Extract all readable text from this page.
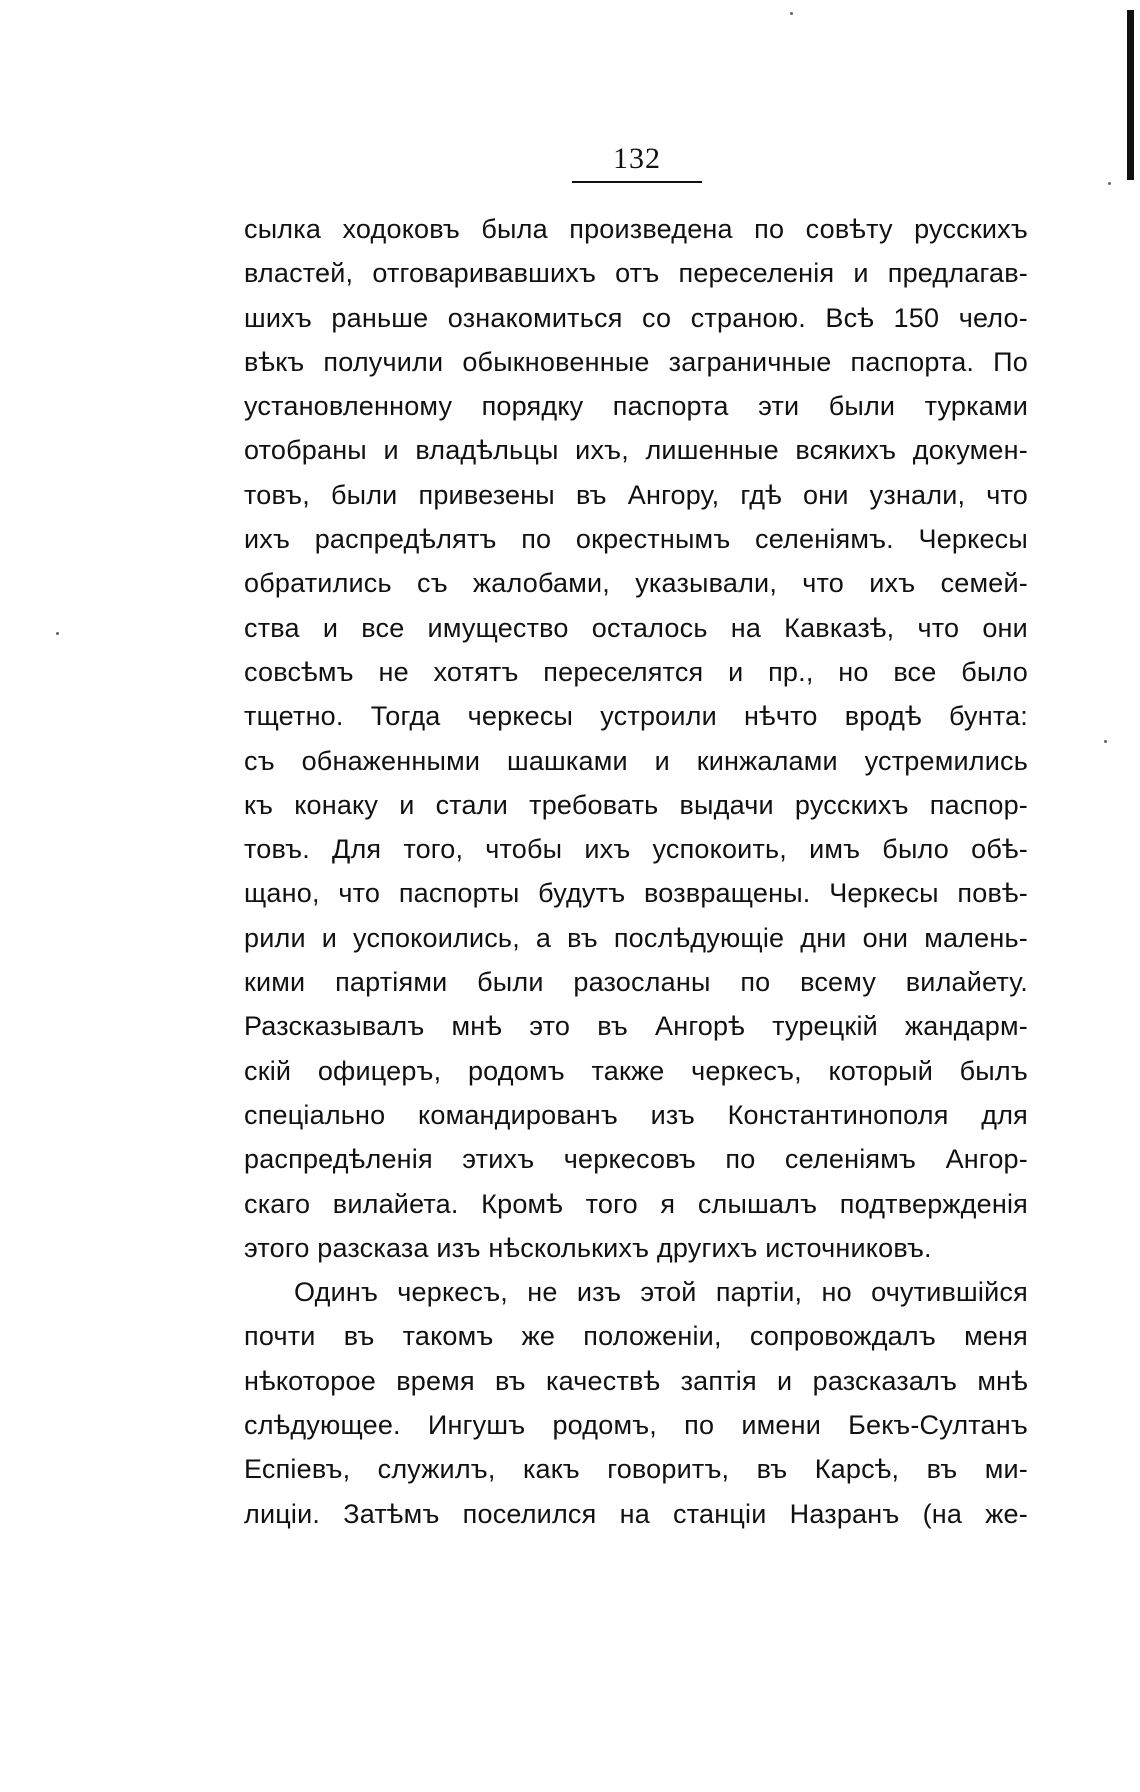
132
сылка ходоковъ была произведена по совѣту русскихъ
властей, отговаривавшихъ отъ переселенія и предлагав-
шихъ раньше ознакомиться со страною. Всѣ 150 чело-
вѣкъ получили обыкновенные заграничные паспорта. По
установленному порядку паспорта эти были турками
отобраны и владѣльцы ихъ, лишенные всякихъ докумен-
товъ, были привезены въ Ангору, гдѣ они узнали, что
ихъ распредѣлятъ по окрестнымъ селеніямъ. Черкесы
обратились съ жалобами, указывали, что ихъ семей-
ства и все имущество осталось на Кавказѣ, что они
совсѣмъ не хотятъ переселятся и пр., но все было
тщетно. Тогда черкесы устроили нѣчто вродѣ бунта:
съ обнаженными шашками и кинжалами устремились
къ конаку и стали требовать выдачи русскихъ паспор-
товъ. Для того, чтобы ихъ успокоить, имъ было обѣ-
щано, что паспорты будутъ возвращены. Черкесы повѣ-
рили и успокоились, а въ послѣдующіе дни они малень-
кими партіями были разосланы по всему вилайету.
Разсказывалъ мнѣ это въ Ангорѣ турецкій жандарм-
скій офицеръ, родомъ также черкесъ, который былъ
спеціально командированъ изъ Константинополя для
распредѣленія этихъ черкесовъ по селеніямъ Ангор-
скаго вилайета. Кромѣ того я слышалъ подтвержденія
этого разсказа изъ нѣсколькихъ другихъ источниковъ.
Одинъ черкесъ, не изъ этой партіи, но очутившійся
почти въ такомъ же положеніи, сопровождалъ меня
нѣкоторое время въ качествѣ заптія и разсказалъ мнѣ
слѣдующее. Ингушъ родомъ, по имени Бекъ-Султанъ
Еспіевъ, служилъ, какъ говоритъ, въ Карсѣ, въ ми-
лиціи. Затѣмъ поселился на станціи Назранъ (на же-
